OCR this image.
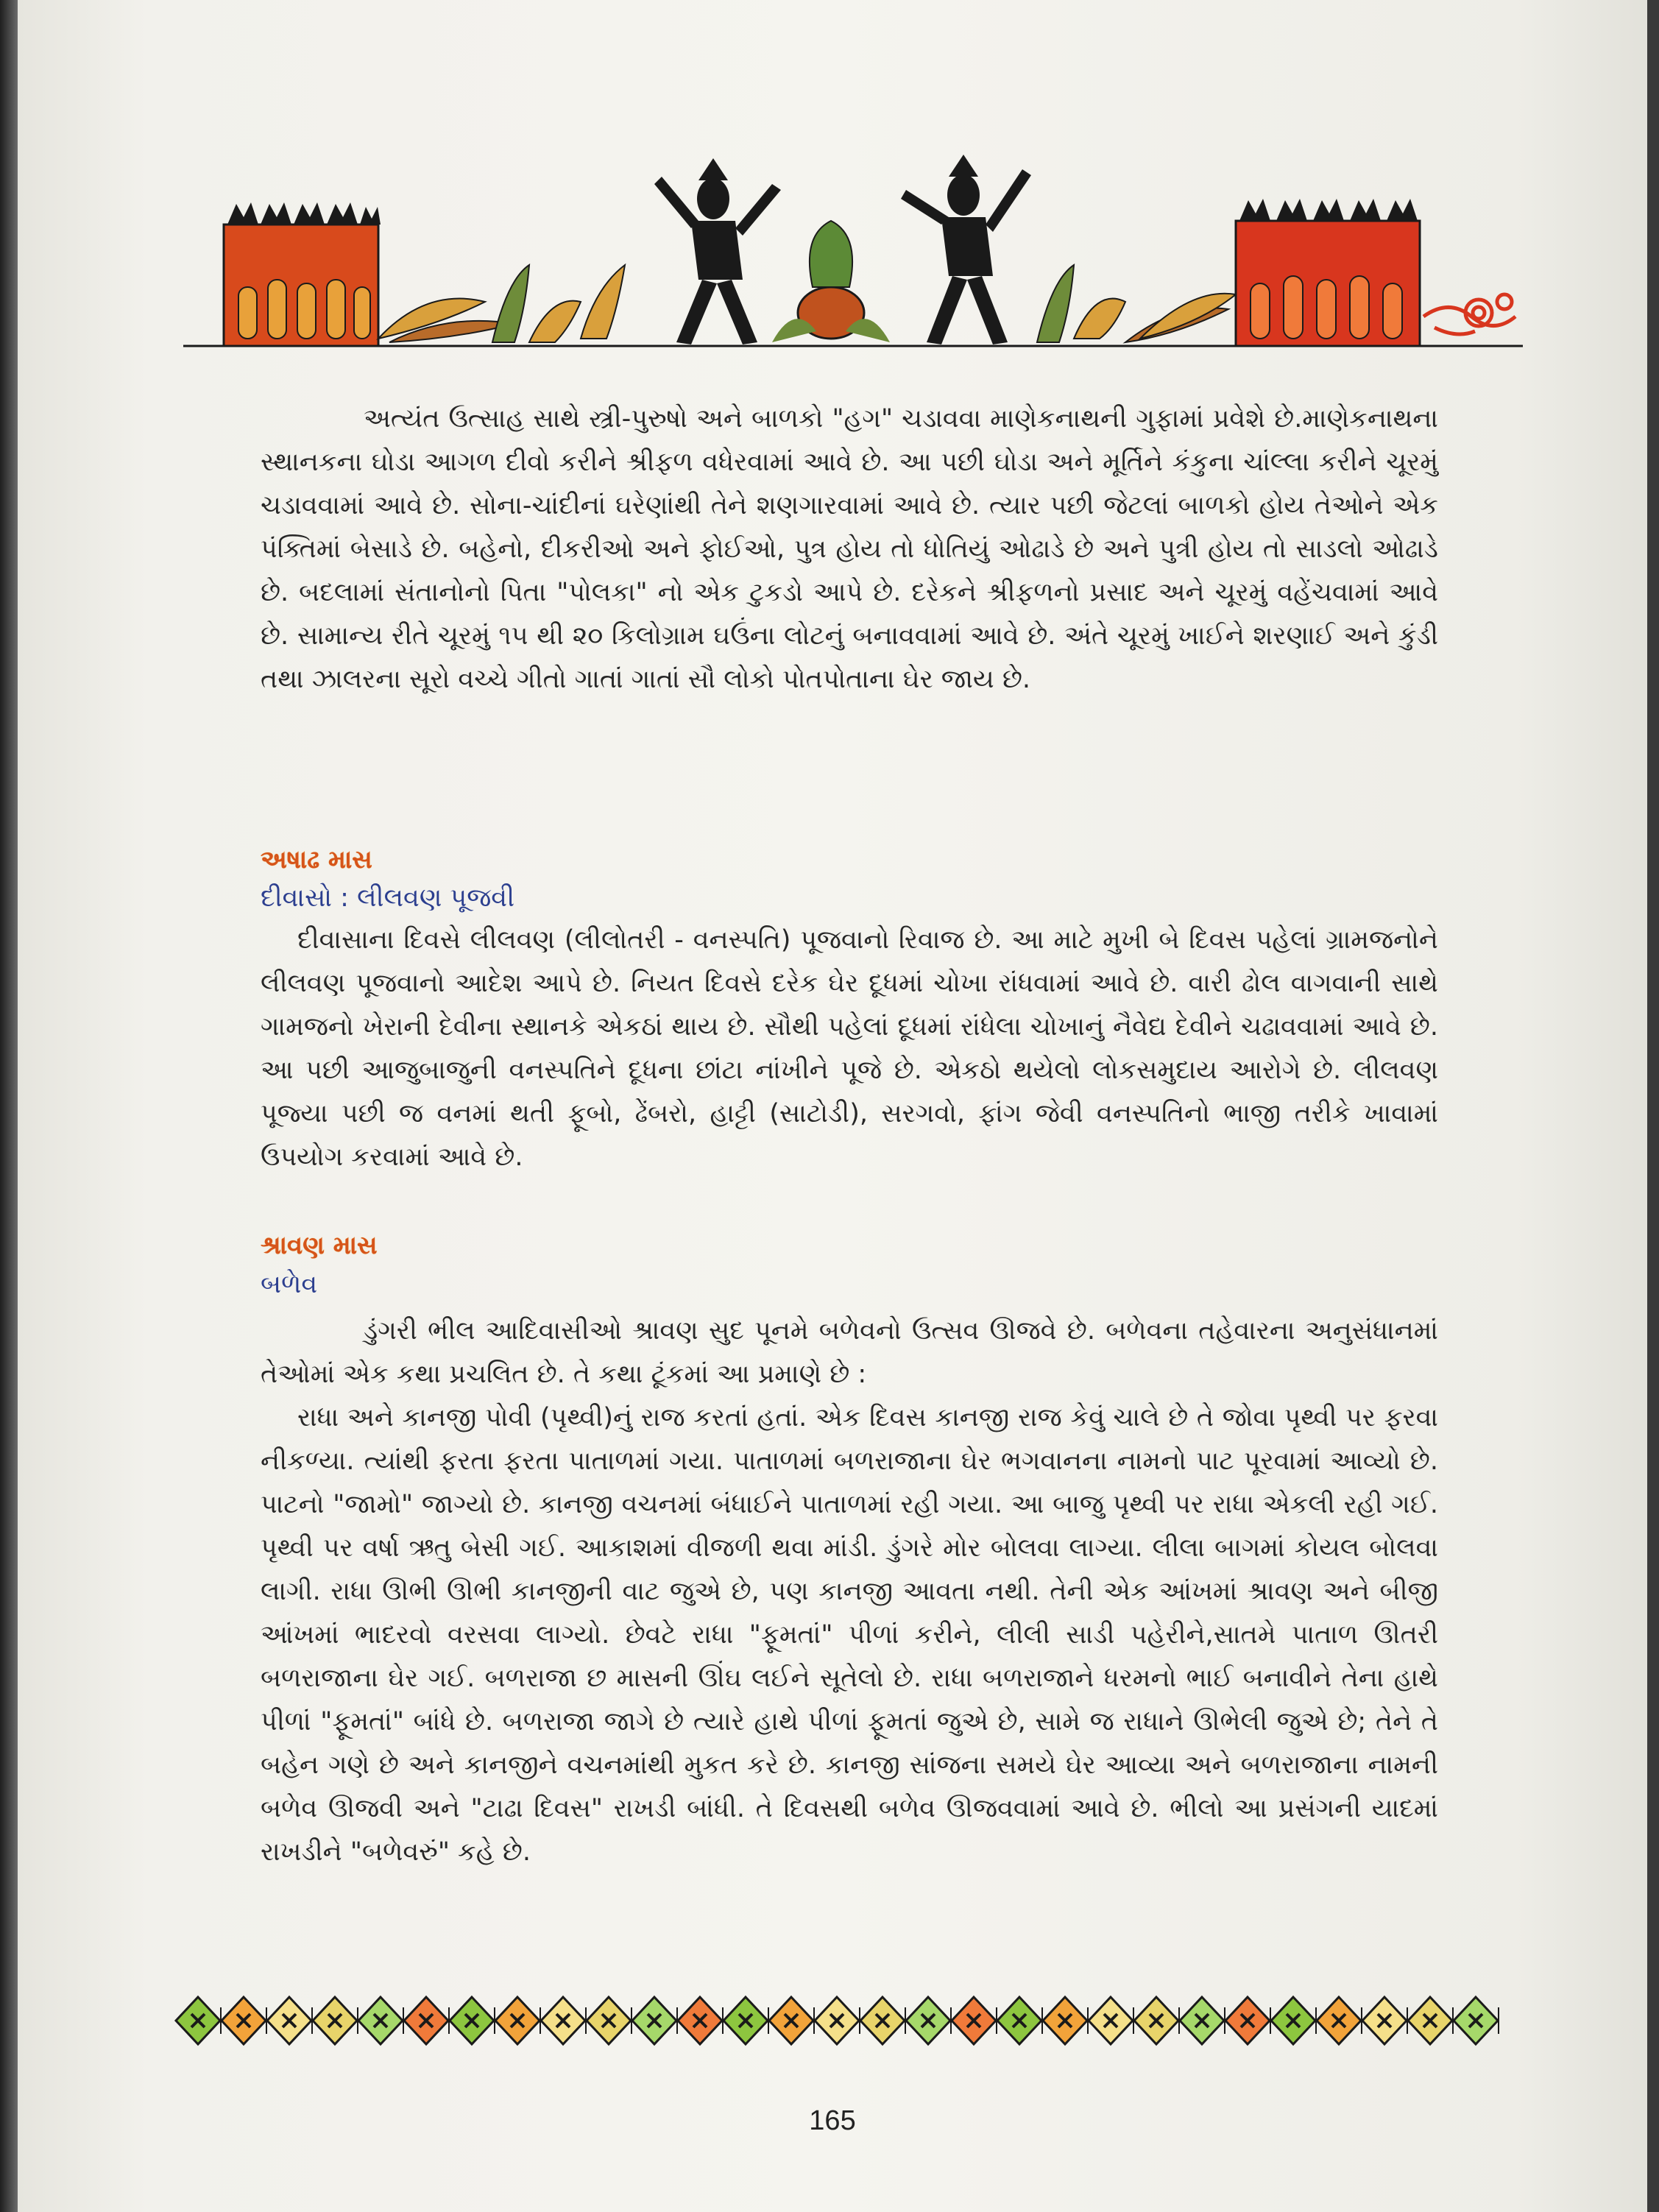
અત્યંત ઉત્સાહ સાથે સ્ત્રી-પુરુષો અને બાળકો "હગ" ચડાવવા માણેકનાથની ગુફામાં પ્રવેશે છે.માણેકનાથના સ્થાનકના ઘોડા આગળ દીવો કરીને શ્રીફળ વધેરવામાં આવે છે. આ પછી ઘોડા અને મૂર્તિને કંકુના ચાંલ્લા કરીને ચૂરમું ચડાવવામાં આવે છે. સોના-ચાંદીનાં ઘરેણાંથી તેને શણગારવામાં આવે છે. ત્યાર પછી જેટલાં બાળકો હોય તેઓને એક પંક્તિમાં બેસાડે છે. બહેનો, દીકરીઓ અને ફોઈઓ, પુત્ર હોય તો ધોતિયું ઓઢાડે છે અને પુત્રી હોય તો સાડલો ઓઢાડે છે. બદલામાં સંતાનોનો પિતા "પોલકા" નો એક ટુકડો આપે છે. દરેકને શ્રીફળનો પ્રસાદ અને ચૂરમું વહેંચવામાં આવે છે. સામાન્ય રીતે ચૂરમું ૧૫ થી ૨૦ કિલોગ્રામ ઘઉંના લોટનું બનાવવામાં આવે છે. અંતે ચૂરમું ખાઈને શરણાઈ અને કુંડી તથા ઝાલરના સૂરો વચ્ચે ગીતો ગાતાં ગાતાં સૌ લોકો પોતપોતાના ઘેર જાય છે.

અષાઢ માસ

દીવાસો : લીલવણ પૂજવી

દીવાસાના દિવસે લીલવણ (લીલોતરી - વનસ્પતિ) પૂજવાનો રિવાજ છે. આ માટે મુખી બે દિવસ પહેલાં ગ્રામજનોને લીલવણ પૂજવાનો આદેશ આપે છે. નિયત દિવસે દરેક ઘેર દૂધમાં ચોખા રાંધવામાં આવે છે. વારી ઢોલ વાગવાની સાથે ગામજનો ખેરાની દેવીના સ્થાનકે એકઠાં થાય છે. સૌથી પહેલાં દૂધમાં રાંધેલા ચોખાનું નૈવેદ્ય દેવીને ચઢાવવામાં આવે છે. આ પછી આજુબાજુની વનસ્પતિને દૂધના છાંટા નાંખીને પૂજે છે. એકઠો થયેલો લોકસમુદાય આરોગે છે. લીલવણ પૂજ્યા પછી જ વનમાં થતી ફૂબો, ઢેંબરો, હાટ્ટી (સાટોડી), સરગવો, ફાંગ જેવી વનસ્પતિનો ભાજી તરીકે ખાવામાં ઉપયોગ કરવામાં આવે છે.

શ્રાવણ માસ

બળેવ

ડુંગરી ભીલ આદિવાસીઓ શ્રાવણ સુદ પૂનમે બળેવનો ઉત્સવ ઊજવે છે. બળેવના તહેવારના અનુસંધાનમાં તેઓમાં એક કથા પ્રચલિત છે. તે કથા ટૂંકમાં આ પ્રમાણે છે :

રાધા અને કાનજી પોવી (પૃથ્વી)નું રાજ કરતાં હતાં. એક દિવસ કાનજી રાજ કેવું ચાલે છે તે જોવા પૃથ્વી પર ફરવા નીકળ્યા. ત્યાંથી ફરતા ફરતા પાતાળમાં ગયા. પાતાળમાં બળરાજાના ઘેર ભગવાનના નામનો પાટ પૂરવામાં આવ્યો છે. પાટનો "જામો" જાગ્યો છે. કાનજી વચનમાં બંધાઈને પાતાળમાં રહી ગયા. આ બાજુ પૃથ્વી પર રાધા એકલી રહી ગઈ. પૃથ્વી પર વર્ષા ઋતુ બેસી ગઈ. આકાશમાં વીજળી થવા માંડી. ડુંગરે મોર બોલવા લાગ્યા. લીલા બાગમાં કોયલ બોલવા લાગી. રાધા ઊભી ઊભી કાનજીની વાટ જુએ છે, પણ કાનજી આવતા નથી. તેની એક આંખમાં શ્રાવણ અને બીજી આંખમાં ભાદરવો વરસવા લાગ્યો. છેવટે રાધા "ફૂમતાં" પીળાં કરીને, લીલી સાડી પહેરીને,સાતમે પાતાળ ઊતરી બળરાજાના ઘેર ગઈ. બળરાજા છ માસની ઊંઘ લઈને સૂતેલો છે. રાધા બળરાજાને ધરમનો ભાઈ બનાવીને તેના હાથે પીળાં "ફૂમતાં" બાંધે છે. બળરાજા જાગે છે ત્યારે હાથે પીળાં ફૂમતાં જુએ છે, સામે જ રાધાને ઊભેલી જુએ છે; તેને તે બહેન ગણે છે અને કાનજીને વચનમાંથી મુકત કરે છે. કાનજી સાંજના સમયે ઘેર આવ્યા અને બળરાજાના નામની બળેવ ઊજવી અને "ટાઢા દિવસ" રાખડી બાંધી. તે દિવસથી બળેવ ઊજવવામાં આવે છે. ભીલો આ પ્રસંગની યાદમાં રાખડીને "બળેવરું" કહે છે.

165
